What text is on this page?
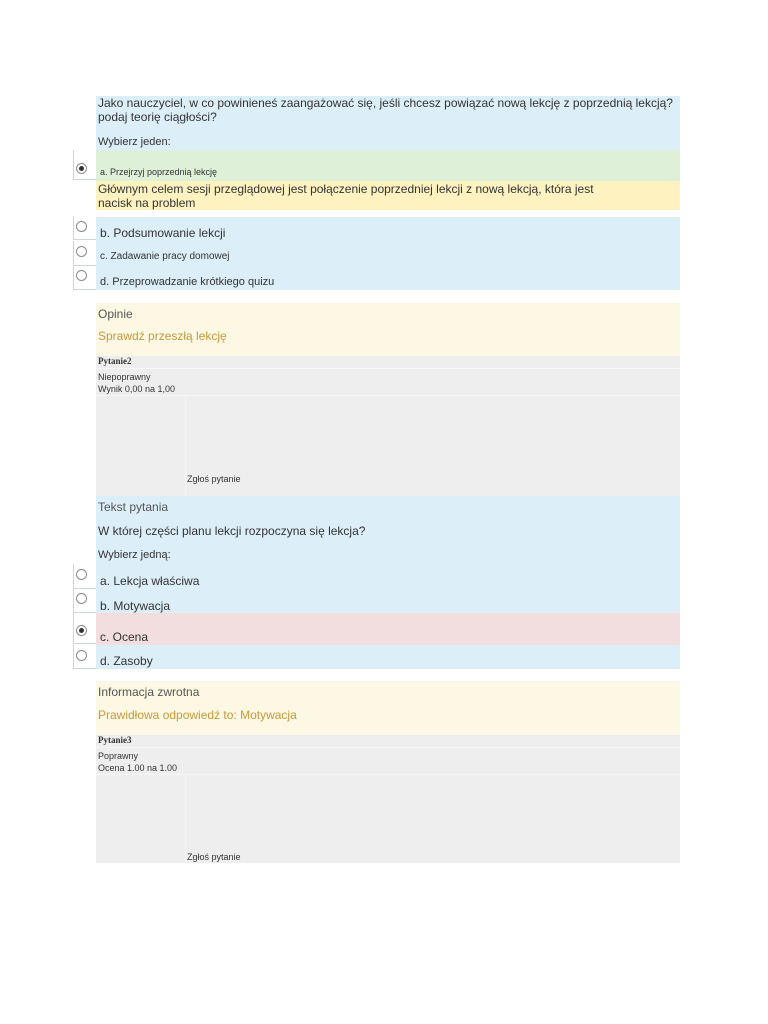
Jako nauczyciel, w co powinieneś zaangażować się, jeśli chcesz powiązać nową lekcję z poprzednią lekcją?
podaj teorię ciągłości?
Wybierz jeden:
a. Przejrzyj poprzednią lekcję
Głównym celem sesji przeglądowej jest połączenie poprzedniej lekcji z nową lekcją, która jest
nacisk na problem
b. Podsumowanie lekcji
c. Zadawanie pracy domowej
d. Przeprowadzanie krótkiego quizu
Opinie
Sprawdź przeszłą lekcję
Pytanie2
Niepoprawny
Wynik 0,00 na 1,00
Zgłoś pytanie
Tekst pytania
W której części planu lekcji rozpoczyna się lekcja?
Wybierz jedną:
a. Lekcja właściwa
b. Motywacja
c. Ocena
d. Zasoby
Informacja zwrotna
Prawidłowa odpowiedź to: Motywacja
Pytanie3
Poprawny
Ocena 1.00 na 1.00
Zgłoś pytanie
